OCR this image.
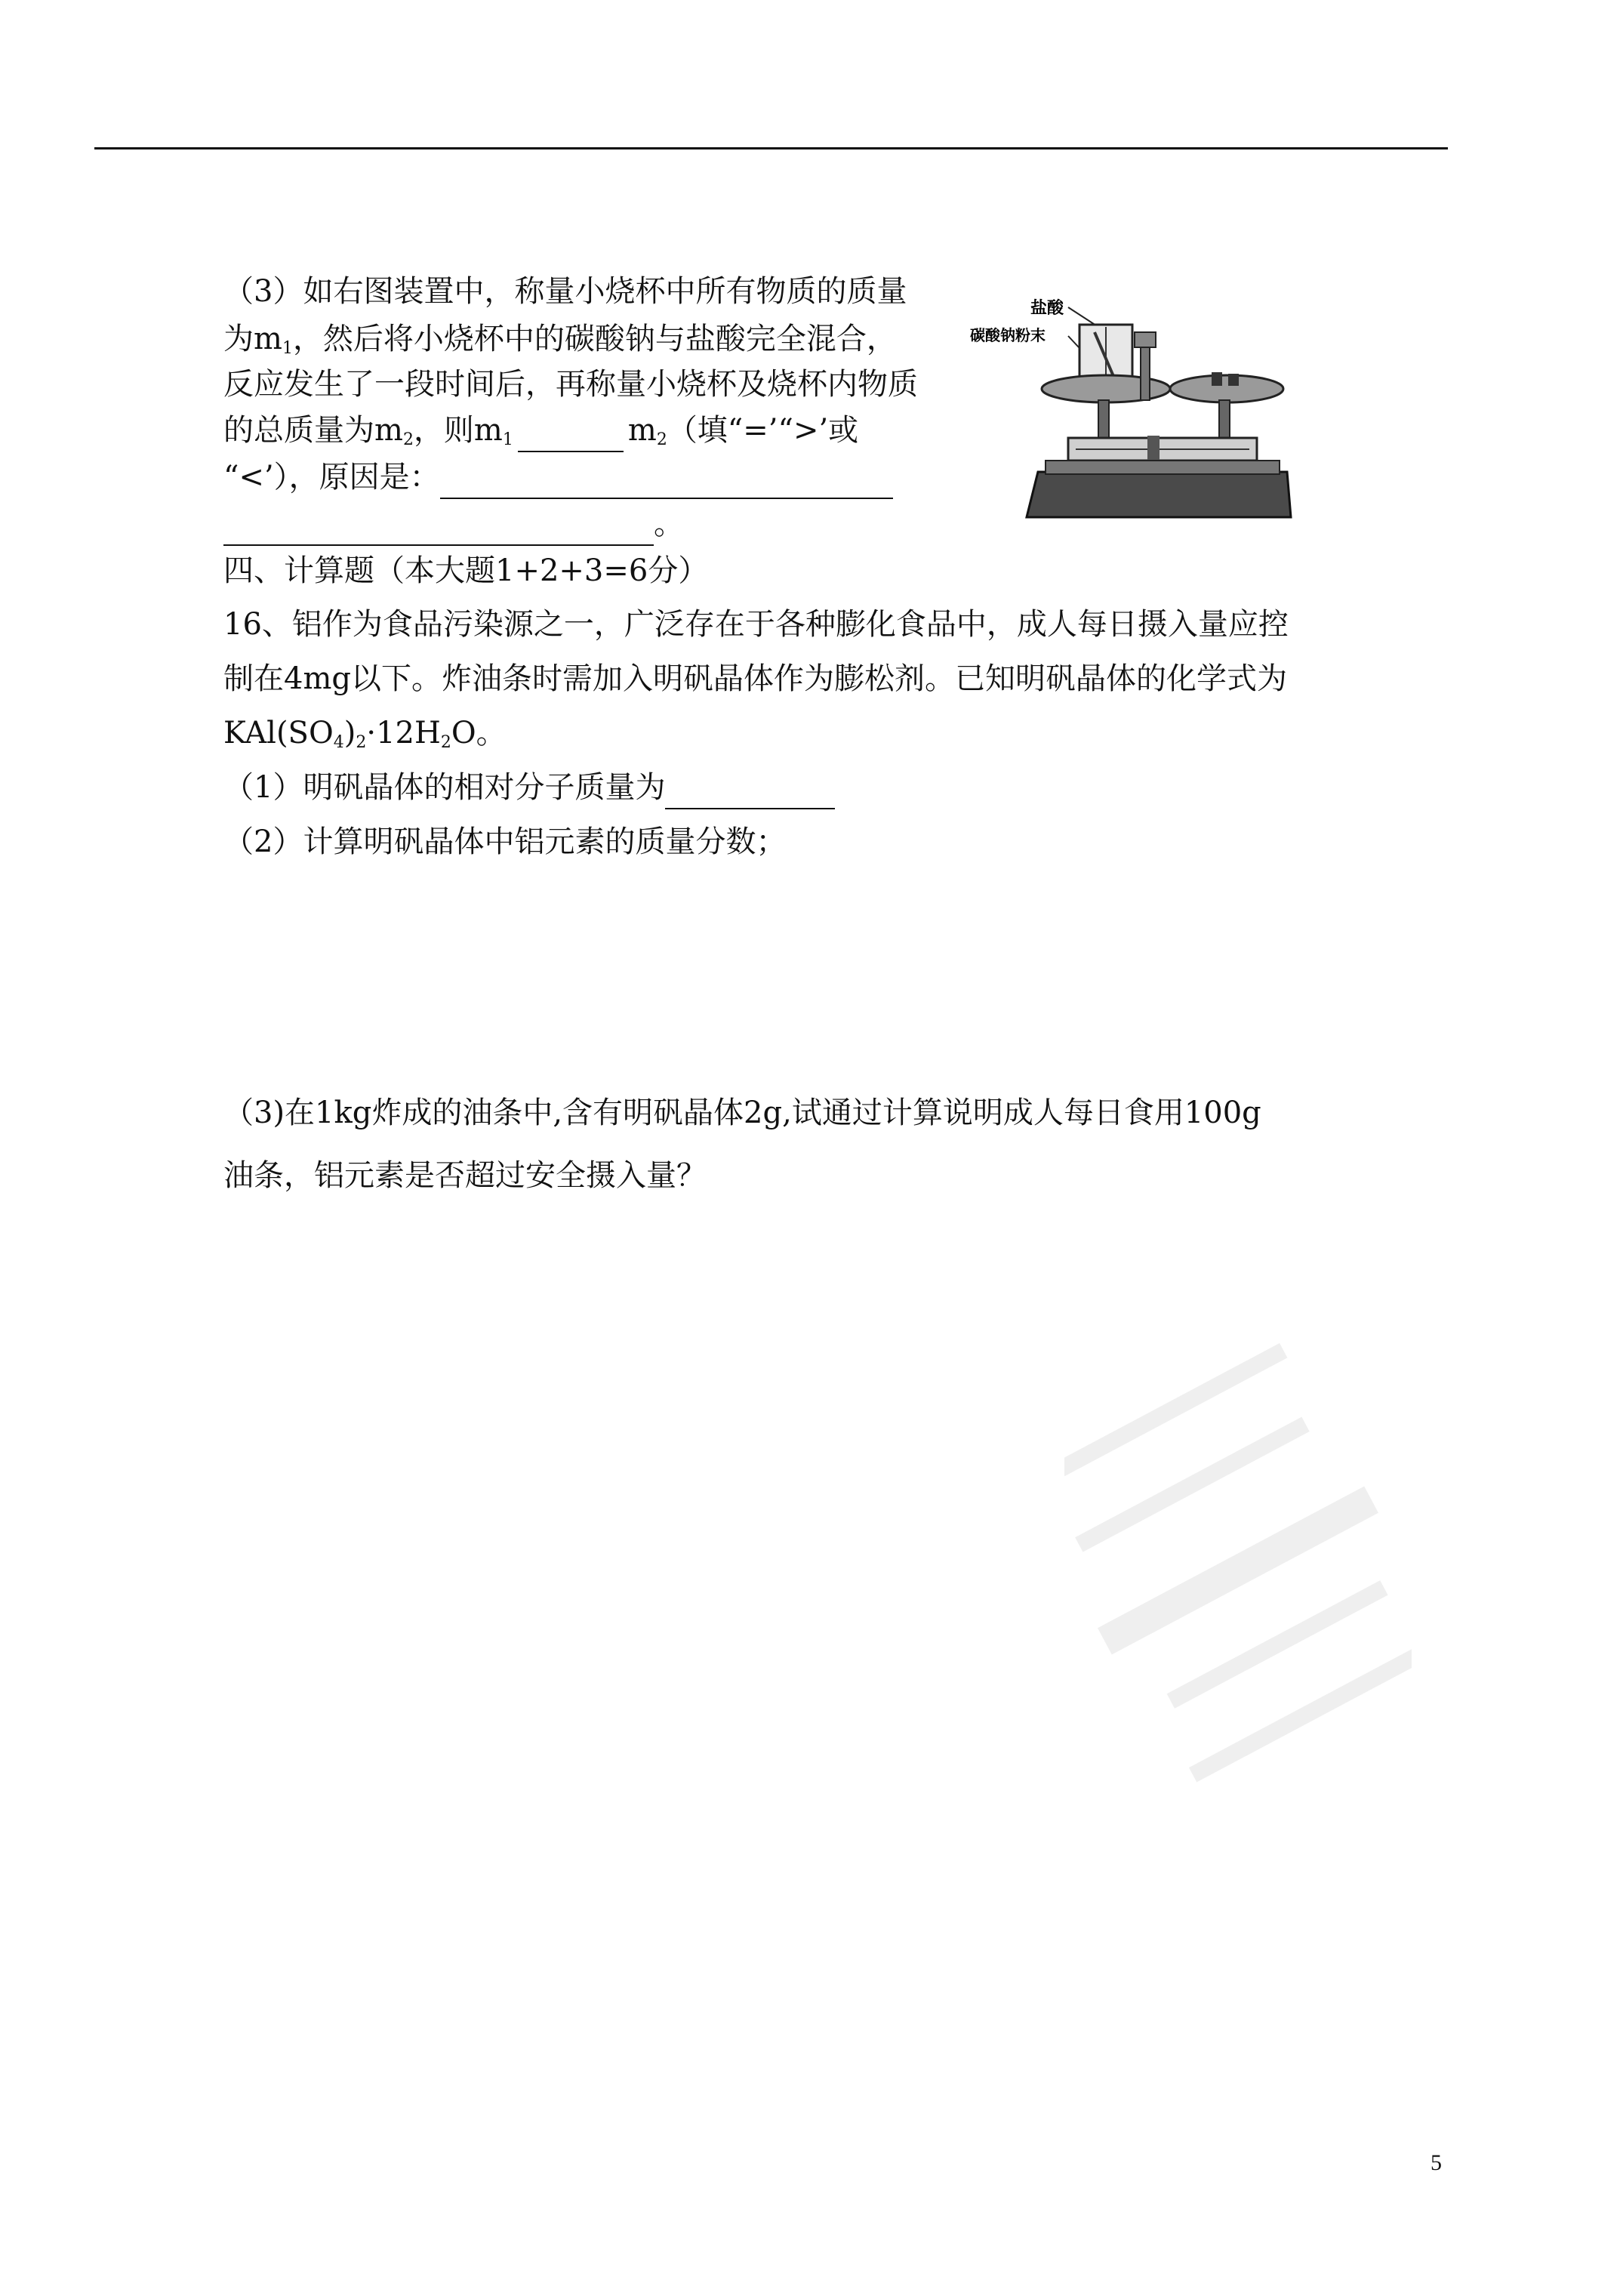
（3）如右图装置中，称量小烧杯中所有物质的质量
为$m_1$，然后将小烧杯中的碳酸钠与盐酸完全混合，
反应发生了一段时间后，再称量小烧杯及烧杯内物质
的总质量为$m_2$，则$m_1$	$m_2$（填“=’“>’或
“<’），原因是：
。
盐酸
碳酸钠粉末
四、计算题（本大题1+2+3=6分）
16、铝作为食品污染源之一，广泛存在于各种膨化食品中，成人每日摄入量应控
制在4mg以下。炸油条时需加入明矾晶体作为膨松剂。已知明矾晶体的化学式为
$KAl(SO_4)_2\cdot 12H_2O$。
（1）明矾晶体的相对分子质量为
（2）计算明矾晶体中铝元素的质量分数；
（3)在1kg炸成的油条中,含有明矾晶体2g,试通过计算说明成人每日食用100g
油条，铝元素是否超过安全摄入量？
5
